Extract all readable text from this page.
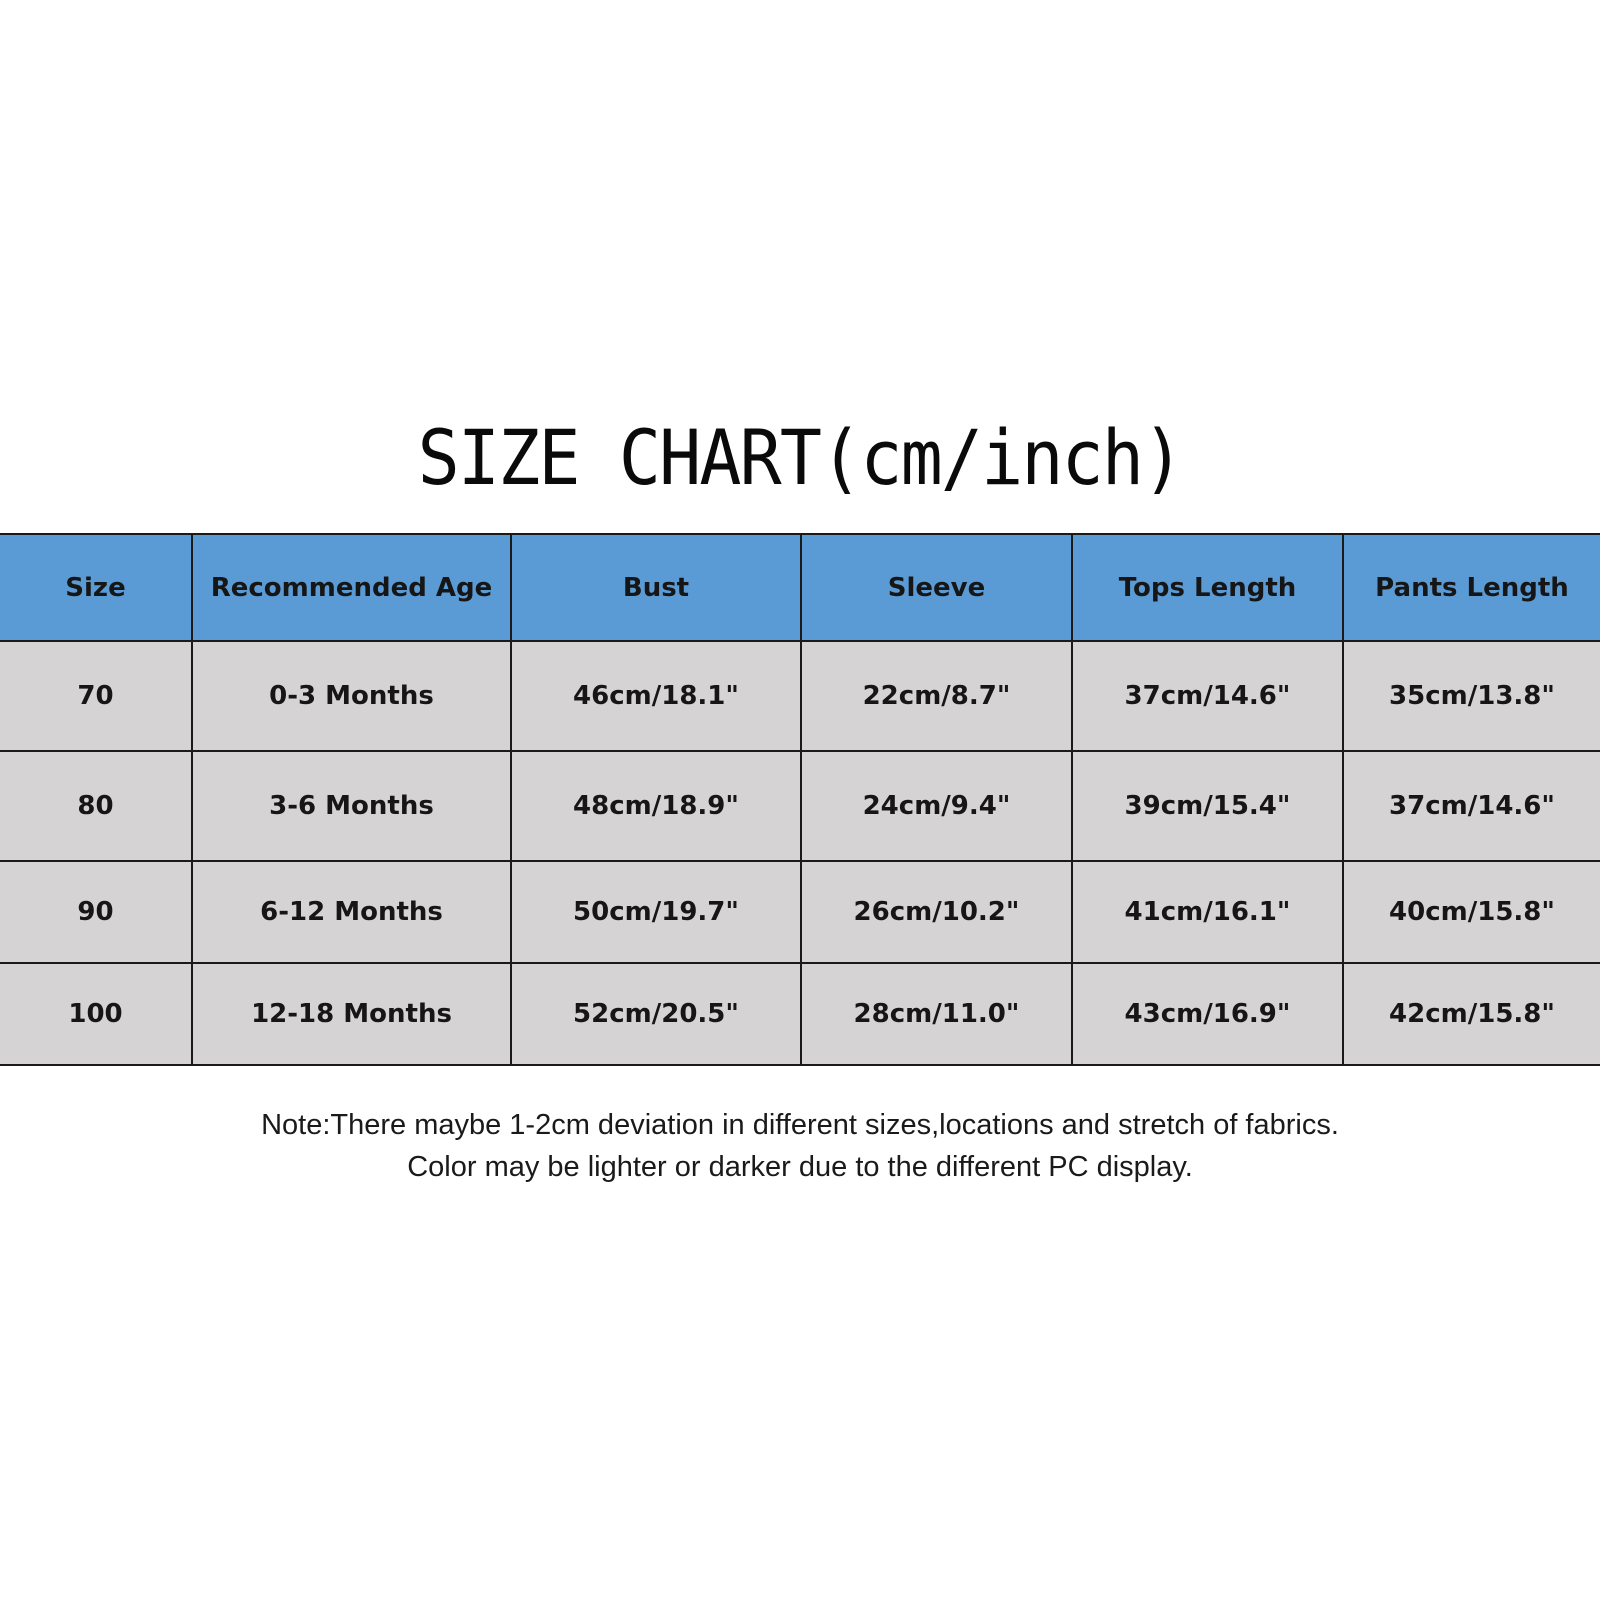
SIZE CHART(cm/inch)
Size	Recommended Age	Bust	Sleeve	Tops Length	Pants Length
70	0-3 Months	46cm/18.1"	22cm/8.7"	37cm/14.6"	35cm/13.8"
80	3-6 Months	48cm/18.9"	24cm/9.4"	39cm/15.4"	37cm/14.6"
90	6-12 Months	50cm/19.7"	26cm/10.2"	41cm/16.1"	40cm/15.8"
100	12-18 Months	52cm/20.5"	28cm/11.0"	43cm/16.9"	42cm/15.8"
Note:There maybe 1-2cm deviation in different sizes,locations and stretch of fabrics.
Color may be lighter or darker due to the different PC display.
